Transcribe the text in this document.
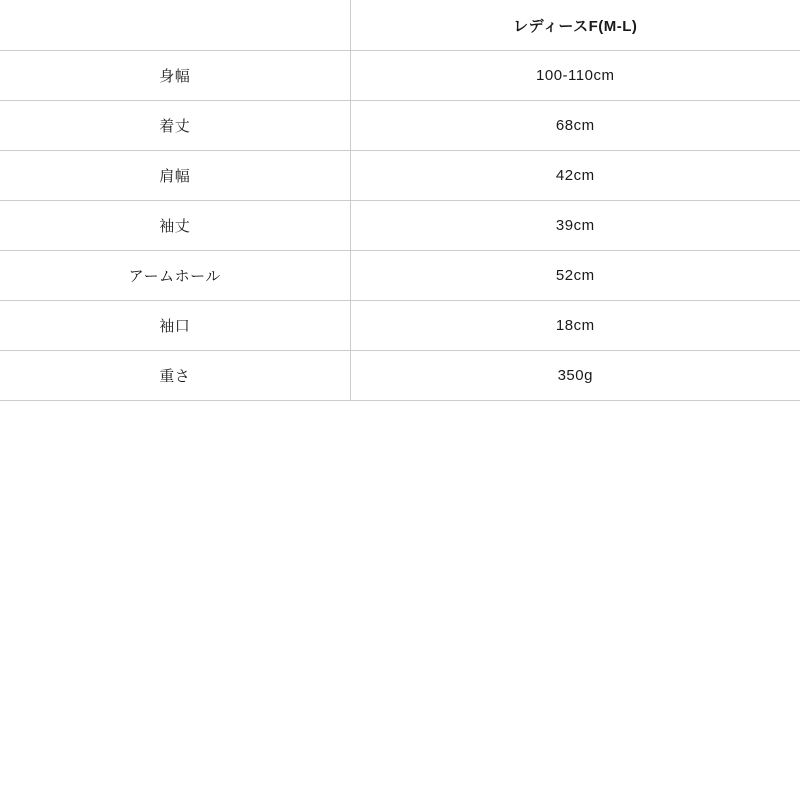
	レディースF(M-L)
身幅	100-110cm
着丈	68cm
肩幅	42cm
袖丈	39cm
アームホール	52cm
袖口	18cm
重さ	350g
